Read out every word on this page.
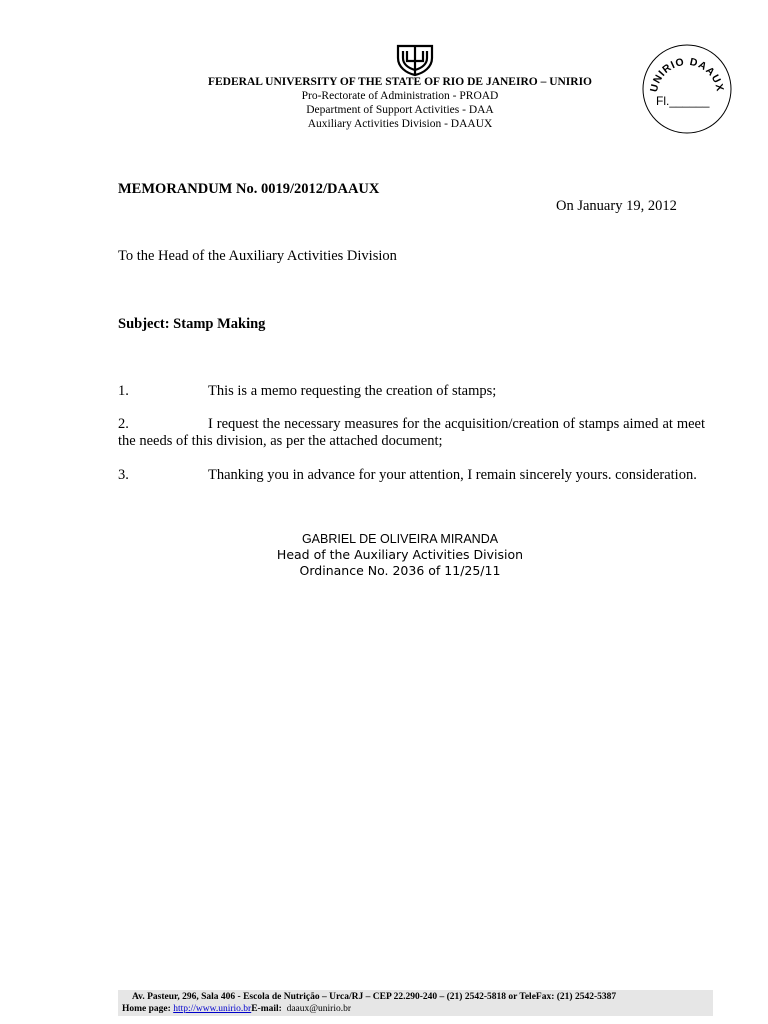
FEDERAL UNIVERSITY OF THE STATE OF RIO DE JANEIRO – UNIRIO
Pro-Rectorate of Administration - PROAD
Department of Support Activities - DAA
Auxiliary Activities Division - DAAUX
UNIRIO DAAUX
Fl.______
MEMORANDUM No. 0019/2012/DAAUX
On January 19, 2012
To the Head of the Auxiliary Activities Division
Subject: Stamp Making
1.	This is a memo requesting the creation of stamps;
2.	I request the necessary measures for the acquisition/creation of stamps aimed at meet the needs of this division, as per the attached document;
3.	Thanking you in advance for your attention, I remain sincerely yours. consideration.
GABRIEL DE OLIVEIRA MIRANDA
Head of the Auxiliary Activities Division
Ordinance No. 2036 of 11/25/11
Av. Pasteur, 296, Sala 406 - Escola de Nutrição – Urca/RJ – CEP 22.290-240 – (21) 2542-5818 or TeleFax: (21) 2542-5387
Home page: http://www.unirio.brE-mail: daaux@unirio.br
